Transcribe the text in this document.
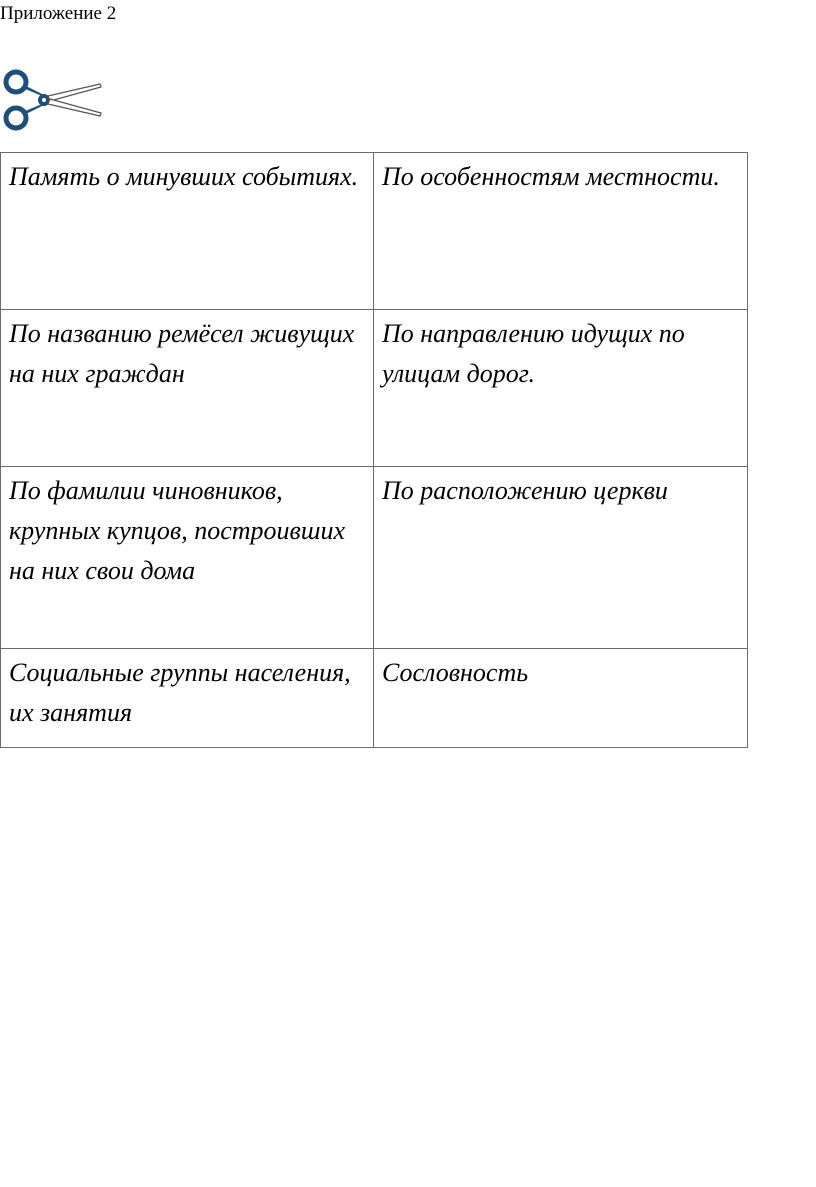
Приложение 2
Память о минувших событиях.	По особенностям местности.
По названию ремёсел живущих на них граждан	По направлению идущих по улицам дорог.
По фамилии чиновников, крупных купцов, построивших на них свои дома	По расположению церкви
Социальные группы населения, их занятия	Сословность
